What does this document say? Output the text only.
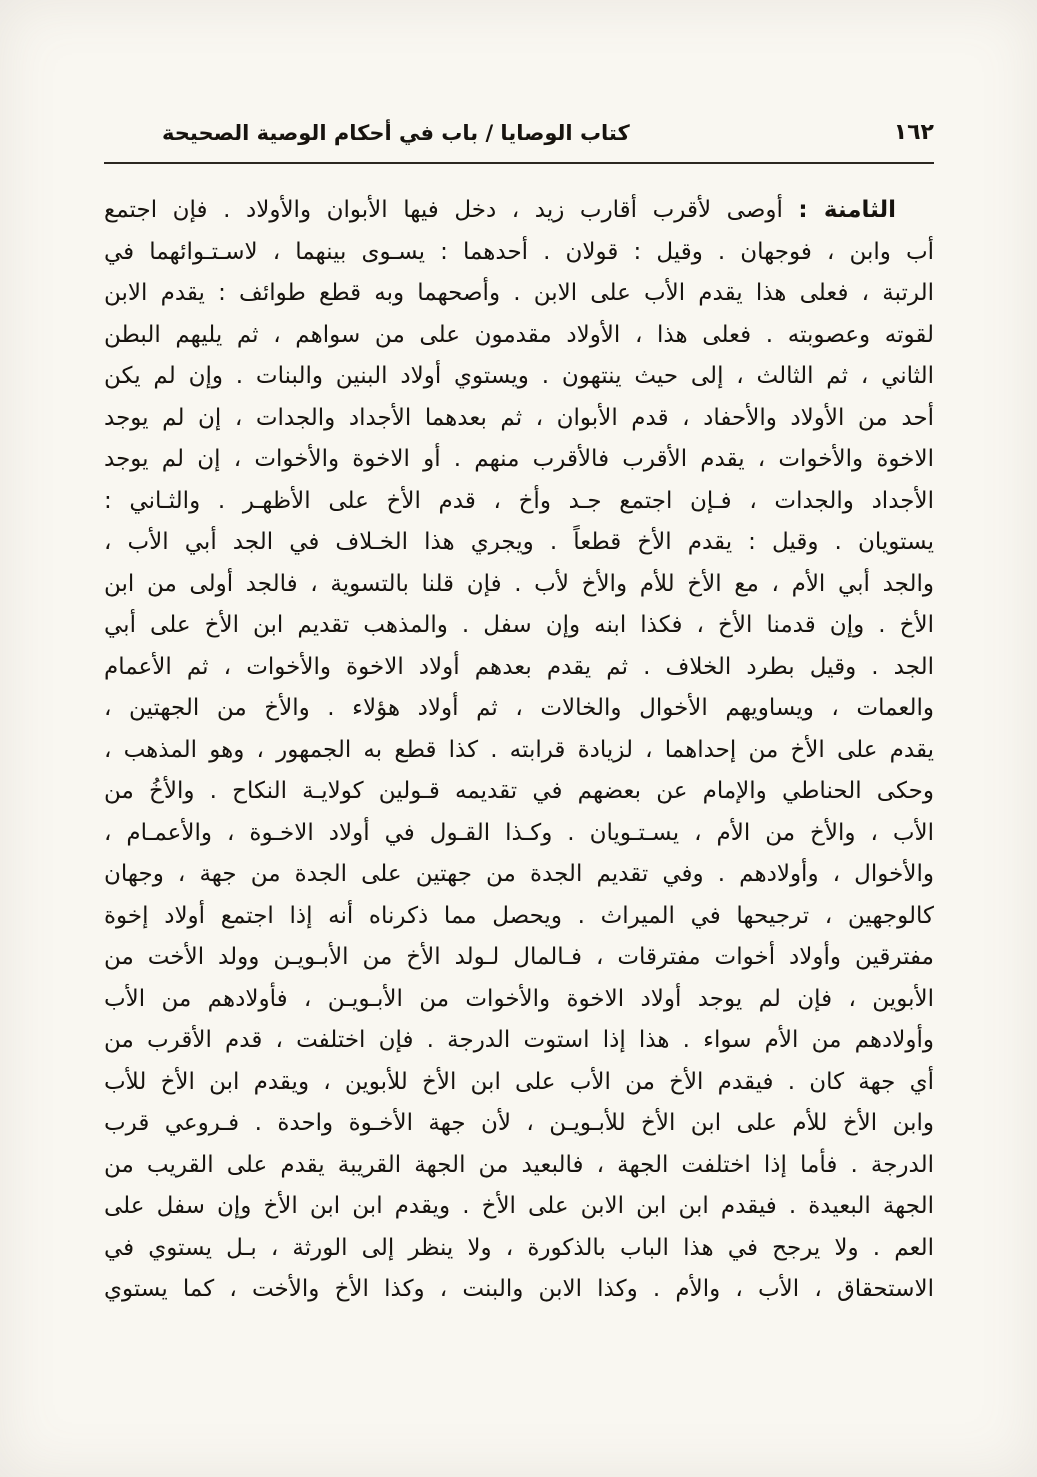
كتاب الوصايا / باب في أحكام الوصية الصحيحة	١٦٢
الثامنة : أوصى لأقرب أقارب زيد ، دخل فيها الأبوان والأولاد . فإن اجتمع
أب وابن ، فوجهان . وقيل : قولان . أحدهما : يسـوى بينهما ، لاسـتـوائهما في
الرتبة ، فعلى هذا يقدم الأب على الابن . وأصحهما وبه قطع طوائف : يقدم الابن
لقوته وعصوبته . فعلى هذا ، الأولاد مقدمون على من سواهم ، ثم يليهم البطن
الثاني ، ثم الثالث ، إلى حيث ينتهون . ويستوي أولاد البنين والبنات . وإن لم يكن
أحد من الأولاد والأحفاد ، قدم الأبوان ، ثم بعدهما الأجداد والجدات ، إن لم يوجد
الاخوة والأخوات ، يقدم الأقرب فالأقرب منهم . أو الاخوة والأخوات ، إن لم يوجد
الأجداد والجدات ، فـإن اجتمع جـد وأخ ، قدم الأخ على الأظهـر . والثـاني :
يستويان . وقيل : يقدم الأخ قطعاً . ويجري هذا الخـلاف في الجد أبي الأب ،
والجد أبي الأم ، مع الأخ للأم والأخ لأب . فإن قلنا بالتسوية ، فالجد أولى من ابن
الأخ . وإن قدمنا الأخ ، فكذا ابنه وإن سفل . والمذهب تقديم ابن الأخ على أبي
الجد . وقيل بطرد الخلاف . ثم يقدم بعدهم أولاد الاخوة والأخوات ، ثم الأعمام
والعمات ، ويساويهم الأخوال والخالات ، ثم أولاد هؤلاء . والأخ من الجهتين ،
يقدم على الأخ من إحداهما ، لزيادة قرابته . كذا قطع به الجمهور ، وهو المذهب ،
وحكى الحناطي والإمام عن بعضهم في تقديمه قـولين كولايـة النكاح . والأخُ من
الأب ، والأخ من الأم ، يسـتـويان . وكـذا القـول في أولاد الاخـوة ، والأعمـام ،
والأخوال ، وأولادهم . وفي تقديم الجدة من جهتين على الجدة من جهة ، وجهان
كالوجهين ، ترجيحها في الميراث . ويحصل مما ذكرناه أنه إذا اجتمع أولاد إخوة
مفترقين وأولاد أخوات مفترقات ، فـالمال لـولد الأخ من الأبـويـن وولد الأخت من
الأبوين ، فإن لم يوجد أولاد الاخوة والأخوات من الأبـويـن ، فأولادهم من الأب
وأولادهم من الأم سواء . هذا إذا استوت الدرجة . فإن اختلفت ، قدم الأقرب من
أي جهة كان . فيقدم الأخ من الأب على ابن الأخ للأبوين ، ويقدم ابن الأخ للأب
وابن الأخ للأم على ابن الأخ للأبـويـن ، لأن جهة الأخـوة واحدة . فـروعي قرب
الدرجة . فأما إذا اختلفت الجهة ، فالبعيد من الجهة القريبة يقدم على القريب من
الجهة البعيدة . فيقدم ابن ابن الابن على الأخ . ويقدم ابن ابن الأخ وإن سفل على
العم . ولا يرجح في هذا الباب بالذكورة ، ولا ينظر إلى الورثة ، بـل يستوي في
الاستحقاق ، الأب ، والأم . وكذا الابن والبنت ، وكذا الأخ والأخت ، كما يستوي
